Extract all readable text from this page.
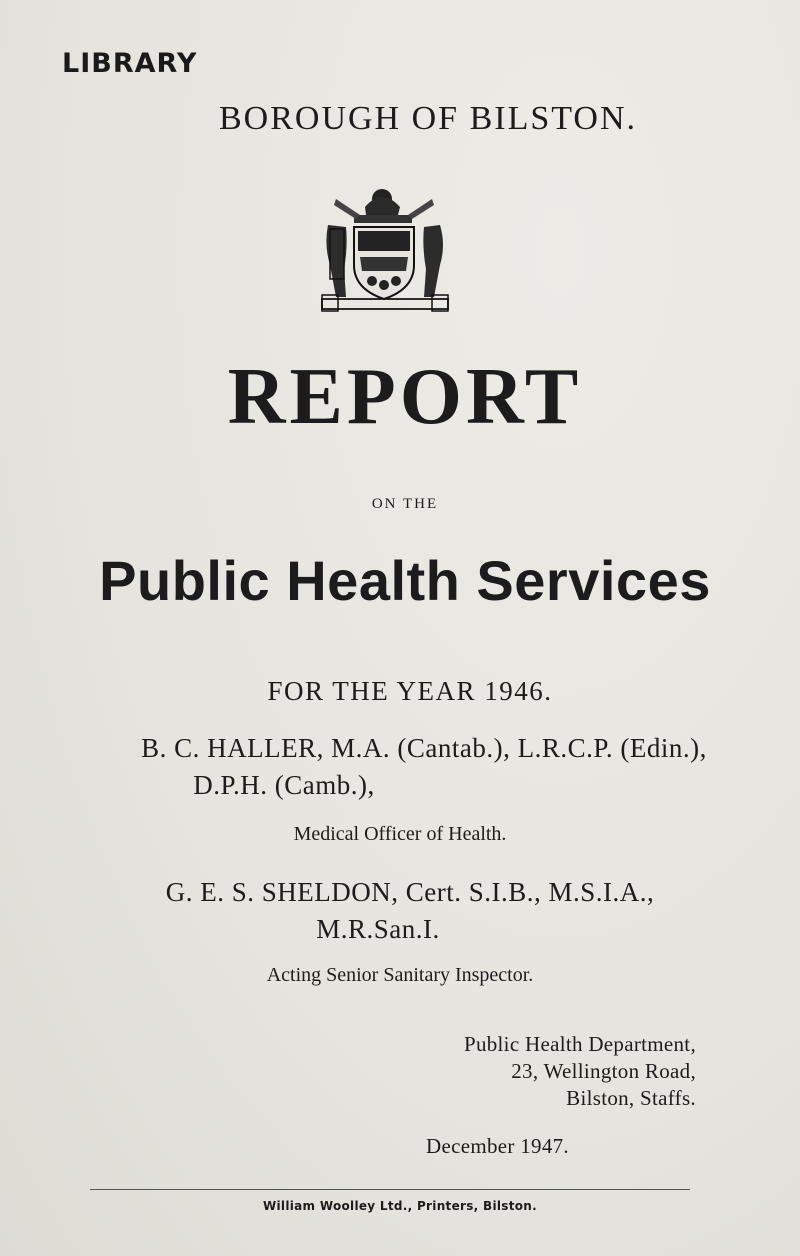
LIBRARY
BOROUGH OF BILSTON.
REPORT
ON THE
Public Health Services
FOR THE YEAR 1946.
B. C. HALLER, M.A. (Cantab.), L.R.C.P. (Edin.),
D.P.H. (Camb.),
Medical Officer of Health.
G. E. S. SHELDON, Cert. S.I.B., M.S.I.A.,
M.R.San.I.
Acting Senior Sanitary Inspector.
Public Health Department,
23, Wellington Road,
Bilston, Staffs.
December 1947.
William Woolley Ltd., Printers, Bilston.
